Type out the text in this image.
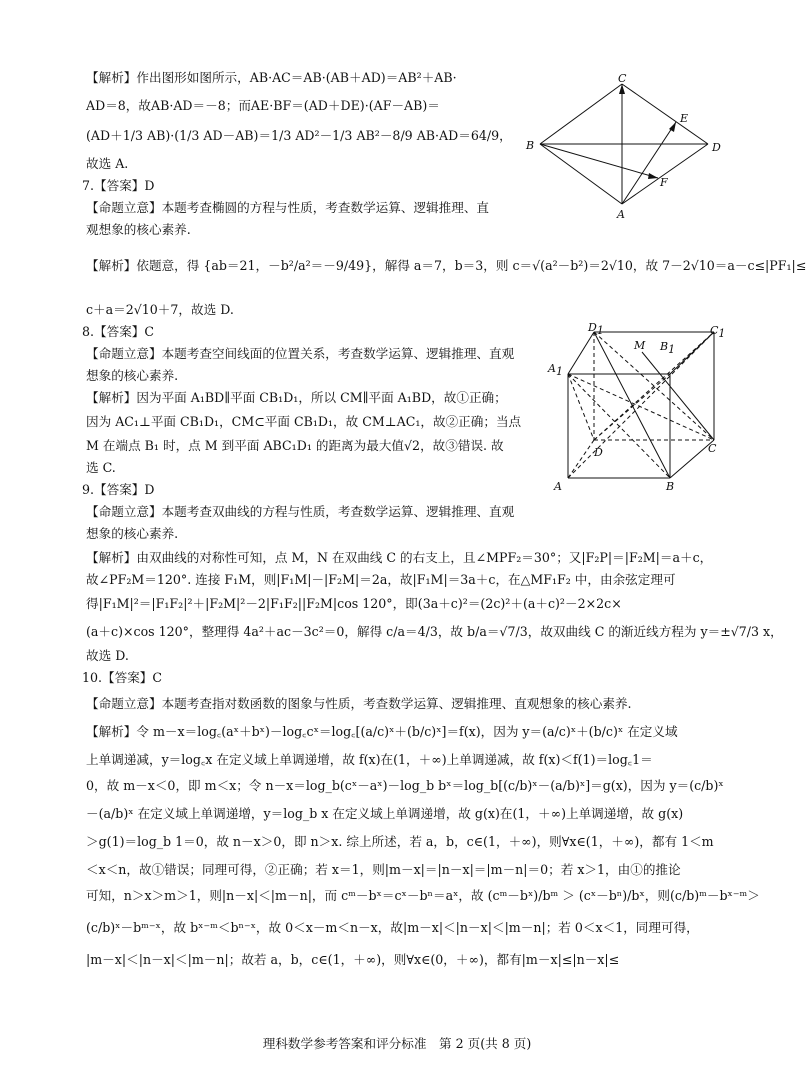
【解析】作出图形如图所示，AB·AC＝AB·(AB＋AD)＝AB²＋AB·
AD＝8，故AB·AD＝－8；而AE·BF＝(AD＋DE)·(AF－AB)＝
(AD＋1/3 AB)·(1/3 AD－AB)＝1/3 AD²－1/3 AB²－8/9 AB·AD＝64/9，
故选 A.
7.【答案】D
【命题立意】本题考查椭圆的方程与性质，考查数学运算、逻辑推理、直
观想象的核心素养.
【解析】依题意，得 {ab＝21，－b²/a²＝－9/49}，解得 a＝7，b＝3，则 c＝√(a²－b²)＝2√10，故 7－2√10＝a－c≤|PF₁|≤
c＋a＝2√10＋7，故选 D.
8.【答案】C
【命题立意】本题考查空间线面的位置关系，考查数学运算、逻辑推理、直观
想象的核心素养.
【解析】因为平面 A₁BD∥平面 CB₁D₁，所以 CM∥平面 A₁BD，故①正确；
因为 AC₁⊥平面 CB₁D₁，CM⊂平面 CB₁D₁，故 CM⊥AC₁，故②正确；当点
M 在端点 B₁ 时，点 M 到平面 ABC₁D₁ 的距离为最大值√2，故③错误. 故
选 C.
9.【答案】D
【命题立意】本题考查双曲线的方程与性质，考查数学运算、逻辑推理、直观
想象的核心素养.
【解析】由双曲线的对称性可知，点 M，N 在双曲线 C 的右支上，且∠MPF₂＝30°；又|F₂P|＝|F₂M|＝a＋c，
故∠PF₂M＝120°. 连接 F₁M，则|F₁M|－|F₂M|＝2a，故|F₁M|＝3a＋c，在△MF₁F₂ 中，由余弦定理可
得|F₁M|²＝|F₁F₂|²＋|F₂M|²－2|F₁F₂||F₂M|cos 120°，即(3a＋c)²＝(2c)²＋(a＋c)²－2×2c×
(a＋c)×cos 120°，整理得 4a²＋ac－3c²＝0，解得 c/a＝4/3，故 b/a＝√7/3，故双曲线 C 的渐近线方程为 y＝±√7/3 x，
故选 D.
10.【答案】C
【命题立意】本题考查指对数函数的图象与性质，考查数学运算、逻辑推理、直观想象的核心素养.
【解析】令 m－x＝log꜀(aˣ＋bˣ)－log꜀cˣ＝log꜀[(a/c)ˣ＋(b/c)ˣ]＝f(x)，因为 y＝(a/c)ˣ＋(b/c)ˣ 在定义域
上单调递减，y＝log꜀x 在定义域上单调递增，故 f(x)在(1，＋∞)上单调递减，故 f(x)＜f(1)＝log꜀1＝
0，故 m－x＜0，即 m＜x；令 n－x＝log_b(cˣ－aˣ)－log_b bˣ＝log_b[(c/b)ˣ－(a/b)ˣ]＝g(x)，因为 y＝(c/b)ˣ
－(a/b)ˣ 在定义域上单调递增，y＝log_b x 在定义域上单调递增，故 g(x)在(1，＋∞)上单调递增，故 g(x)
＞g(1)＝log_b 1＝0，故 n－x＞0，即 n＞x. 综上所述，若 a，b，c∈(1，＋∞)，则∀x∈(1，＋∞)，都有 1＜m
＜x＜n，故①错误；同理可得，②正确；若 x＝1，则|m－x|＝|n－x|＝|m－n|＝0；若 x＞1，由①的推论
可知，n＞x＞m＞1，则|n－x|＜|m－n|，而 cᵐ－bˣ＝cˣ－bⁿ＝aˣ，故 (cᵐ－bˣ)/bᵐ ＞ (cˣ－bⁿ)/bˣ，则(c/b)ᵐ－bˣ⁻ᵐ＞
(c/b)ˣ－bᵐ⁻ˣ，故 bˣ⁻ᵐ＜bⁿ⁻ˣ，故 0＜x－m＜n－x，故|m－x|＜|n－x|＜|m－n|；若 0＜x＜1，同理可得，
|m－x|＜|n－x|＜|m－n|；故若 a，b，c∈(1，＋∞)，则∀x∈(0，＋∞)，都有|m－x|≤|n－x|≤
C
E
B	D
F
A
D1
M B1
C1
A1
D	C
A	B
理科数学参考答案和评分标准　第 2 页(共 8 页)
